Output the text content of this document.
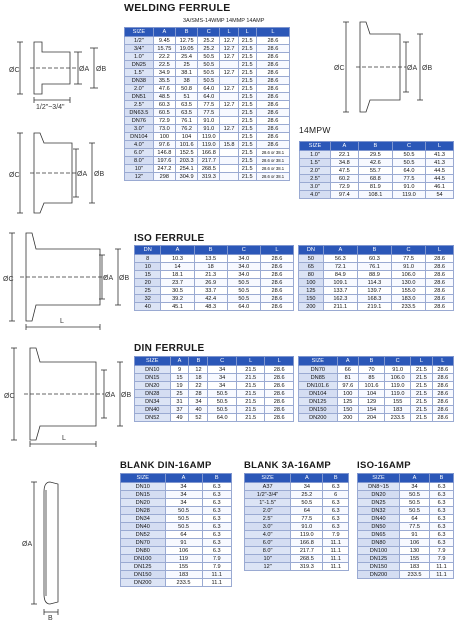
WELDING FERRULE
3A/SMS-14WMP 14MMP 14AMP
14MPW
ISO FERRULE
DIN FERRULE
BLANK DIN-16AMP	BLANK 3A-16AMP	ISO-16AMP
SIZE	A	B	C	L	L	L
1/2"	9.45	12.75	25.2	12.7	21.5	28.6
3/4"	15.75	19.05	25.2	12.7	21.5	28.6
1.0"	22.2	25.4	50.5	12.7	21.5	28.6
DN25	22.5	25	50.5		21.5	28.6
1.5"	34.9	38.1	50.5	12.7	21.5	28.6
DN38	35.5	38	50.5		21.5	28.6
2.0"	47.6	50.8	64.0	12.7	21.5	28.6
DN51	48.5	51	64.0		21.5	28.6
2.5"	60.3	63.5	77.5	12.7	21.5	28.6
DN63.5	60.5	63.5	77.5		21.5	28.6
DN76	72.9	76.1	91.0		21.5	28.6
3.0"	73.0	76.2	91.0	12.7	21.5	28.6
DN104	100	104	119.0		21.5	28.6
4.0"	97.6	101.6	119.0	15.8	21.5	28.6
6.0"	146.8	152.5	166.8		21.5	28.6 or 38.1
8.0"	197.6	203.3	217.7		21.5	28.6 or 38.1
10"	247.2	254.1	268.5		21.5	28.6 or 38.1
12"	298	304.9	319.3		21.5	28.6 or 38.1
SIZE	A	B	C	L
1.0"	22.1	29.5	50.5	41.3
1.5"	34.8	42.6	50.5	41.3
2.0"	47.5	55.7	64.0	44.5
2.5"	60.2	68.8	77.5	44.5
3.0"	72.9	81.9	91.0	46.1
4.0"	97.4	108.1	119.0	54
DN	A	B	C	L
8	10.3	13.5	34.0	28.6
10	14	18	34.0	28.6
15	18.1	21.3	34.0	28.6
20	23.7	26.9	50.5	28.6
25	30.5	33.7	50.5	28.6
32	39.2	42.4	50.5	28.6
40	45.1	48.3	64.0	28.6
DN	A	B	C	L
50	56.3	60.3	77.5	28.6
65	72.1	76.1	91.0	28.6
80	84.9	88.9	106.0	28.6
100	109.1	114.3	130.0	28.6
125	133.7	139.7	155.0	28.6
150	162.3	168.3	183.0	28.6
200	211.1	219.1	233.5	28.6
SIZE	A	B	C	L	L
DN10	9	12	34	21.5	28.6
DN15	15	18	34	21.5	28.6
DN20	19	22	34	21.5	28.6
DN28	25	28	50.5	21.5	28.6
DN34	31	34	50.5	21.5	28.6
DN40	37	40	50.5	21.5	28.6
DN52	49	52	64.0	21.5	28.6
SIZE	A	B	C	L	L
DN70	66	70	91.0	21.5	28.6
DN85	81	85	106.0	21.5	28.6
DN101.6	97.6	101.6	119.0	21.5	28.6
DN104	100	104	119.0	21.5	28.6
DN125	125	129	155	21.5	28.6
DN150	150	154	183	21.5	28.6
DN200	200	204	233.5	21.5	28.6
SIZE	A	B
DN10	34	6.3
DN15	34	6.3
DN20	34	6.3
DN28	50.5	6.3
DN34	50.5	6.3
DN40	50.5	6.3
DN52	64	6.3
DN70	91	6.3
DN80	106	6.3
DN100	119	7.9
DN125	155	7.9
DN150	183	11.1
DN200	233.5	11.1
SIZE	A	B
A37	34	6.3
1/2"-3/4"	25.2	6
1"-1.5"	50.5	6.3
2.0"	64	6.3
2.5"	77.5	6.3
3.0"	91.0	6.3
4.0"	119.0	7.9
6.0"	166.8	11.1
8.0"	217.7	11.1
10"	268.5	11.1
12"	319.3	11.1
SIZE	A	B
DN8~15	34	6.3
DN20	50.5	6.3
DN25	50.5	6.3
DN32	50.5	6.3
DN40	64	6.3
DN50	77.5	6.3
DN65	91	6.3
DN80	106	6.3
DN100	130	7.9
DN125	155	7.9
DN150	183	11.1
DN200	233.5	11.1
ØC	ØA ØB
1/2"~3/4"
ØC	ØA ØB
ØC	ØA ØB
ØC	ØA ØB
L
ØC	ØA ØB
L
ØA
B
